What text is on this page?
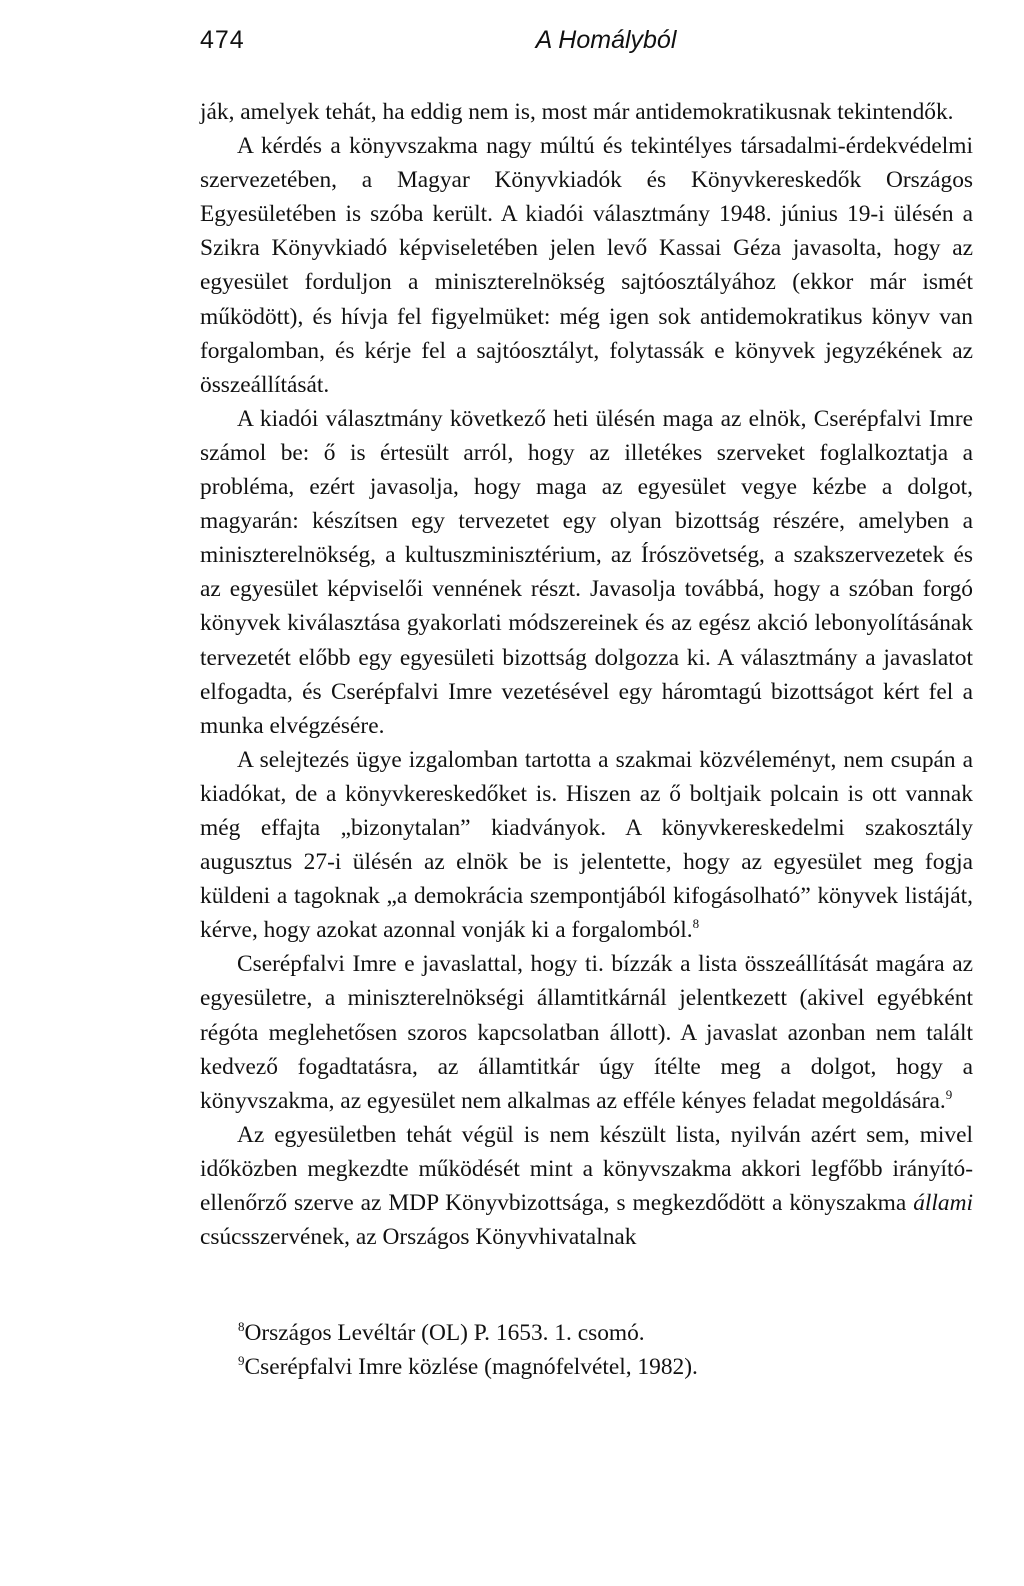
474	A Homályból

ják, amelyek tehát, ha eddig nem is, most már antidemokratikusnak tekintendők.

A kérdés a könyvszakma nagy múltú és tekintélyes társadalmi-érdekvédelmi szervezetében, a Magyar Könyvkiadók és Könyvkereskedők Országos Egyesületében is szóba került. A kiadói választmány 1948. június 19-i ülésén a Szikra Könyvkiadó képviseletében jelen levő Kassai Géza javasolta, hogy az egyesület forduljon a miniszterelnökség sajtóosztályához (ekkor már ismét működött), és hívja fel figyelmüket: még igen sok antidemokratikus könyv van forgalomban, és kérje fel a sajtóosztályt, folytassák e könyvek jegyzékének az összeállítását.

A kiadói választmány következő heti ülésén maga az elnök, Cserépfalvi Imre számol be: ő is értesült arról, hogy az illetékes szerveket foglalkoztatja a probléma, ezért javasolja, hogy maga az egyesület vegye kézbe a dolgot, magyarán: készítsen egy tervezetet egy olyan bizottság részére, amelyben a miniszterelnökség, a kultuszminisztérium, az Írószövetség, a szakszervezetek és az egyesület képviselői vennének részt. Javasolja továbbá, hogy a szóban forgó könyvek kiválasztása gyakorlati módszereinek és az egész akció lebonyolításának tervezetét előbb egy egyesületi bizottság dolgozza ki. A választmány a javaslatot elfogadta, és Cserépfalvi Imre vezetésével egy háromtagú bizottságot kért fel a munka elvégzésére.

A selejtezés ügye izgalomban tartotta a szakmai közvéleményt, nem csupán a kiadókat, de a könyvkereskedőket is. Hiszen az ő boltjaik polcain is ott vannak még effajta „bizonytalan” kiadványok. A könyvkereskedelmi szakosztály augusztus 27-i ülésén az elnök be is jelentette, hogy az egyesület meg fogja küldeni a tagoknak „a demokrácia szempontjából kifogásolható” könyvek listáját, kérve, hogy azokat azonnal vonják ki a forgalomból.$^8$

Cserépfalvi Imre e javaslattal, hogy ti. bízzák a lista összeállítását magára az egyesületre, a miniszterelnökségi államtitkárnál jelentkezett (akivel egyébként régóta meglehetősen szoros kapcsolatban állott). A javaslat azonban nem talált kedvező fogadtatásra, az államtitkár úgy ítélte meg a dolgot, hogy a könyvszakma, az egyesület nem alkalmas az efféle kényes feladat megoldására.$^9$

Az egyesületben tehát végül is nem készült lista, nyilván azért sem, mivel időközben megkezdte működését mint a könyvszakma akkori legfőbb irányító-ellenőrző szerve az MDP Könyvbizottsága, s megkezdődött a könyszakma állami csúcsszervének, az Országos Könyvhivatalnak

$^8$Országos Levéltár (OL) P. 1653. 1. csomó.

$^9$Cserépfalvi Imre közlése (magnófelvétel, 1982).
